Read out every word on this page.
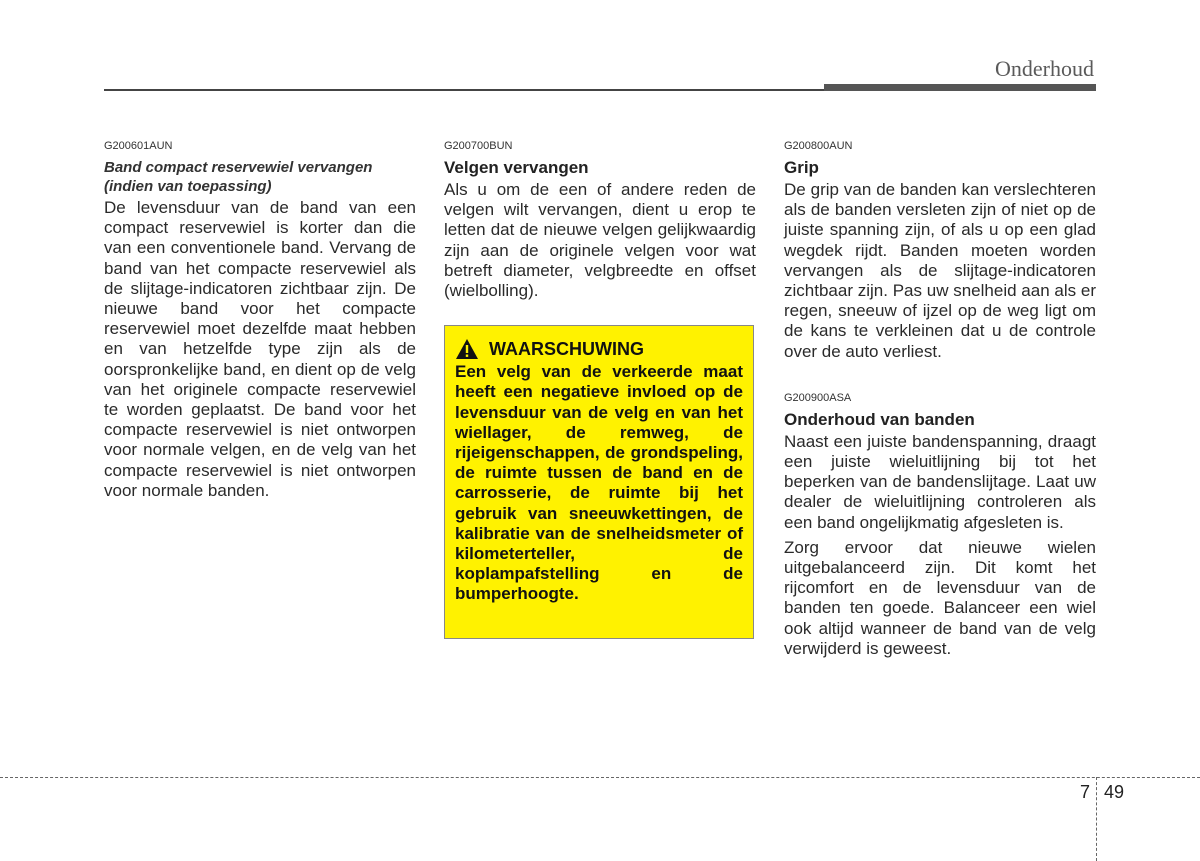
Onderhoud
G200601AUN
Band compact reservewiel vervangen (indien van toepassing)

De levensduur van de band van een compact reservewiel is korter dan die van een conventionele band. Vervang de band van het compacte reservewiel als de slijtage-indicatoren zichtbaar zijn. De nieuwe band voor het compacte reservewiel moet dezelfde maat hebben en van hetzelfde type zijn als de oorspronkelijke band, en dient op de velg van het originele compacte reservewiel te worden geplaatst. De band voor het compacte reservewiel is niet ontworpen voor normale velgen, en de velg van het compacte reservewiel is niet ontworpen voor normale banden.

G200700BUN
Velgen vervangen

Als u om de een of andere reden de velgen wilt vervangen, dient u erop te letten dat de nieuwe velgen gelijkwaardig zijn aan de originele velgen voor wat betreft diameter, velgbreedte en offset (wielbolling).

WAARSCHUWING

Een velg van de verkeerde maat heeft een negatieve invloed op de levensduur van de velg en van het wiellager, de remweg, de rijeigenschappen, de grondspeling, de ruimte tussen de band en de carrosserie, de ruimte bij het gebruik van sneeuwkettingen, de kalibratie van de snelheidsmeter of kilometerteller, de koplampafstelling en de bumperhoogte.

G200800AUN
Grip

De grip van de banden kan verslechteren als de banden versleten zijn of niet op de juiste spanning zijn, of als u op een glad wegdek rijdt. Banden moeten worden vervangen als de slijtage-indicatoren zichtbaar zijn. Pas uw snelheid aan als er regen, sneeuw of ijzel op de weg ligt om de kans te verkleinen dat u de controle over de auto verliest.

G200900ASA
Onderhoud van banden

Naast een juiste bandenspanning, draagt een juiste wieluitlijning bij tot het beperken van de bandenslijtage. Laat uw dealer de wieluitlijning controleren als een band ongelijkmatig afgesleten is.

Zorg ervoor dat nieuwe wielen uitgebalanceerd zijn. Dit komt het rijcomfort en de levensduur van de banden ten goede. Balanceer een wiel ook altijd wanneer de band van de velg verwijderd is geweest.

7 49
